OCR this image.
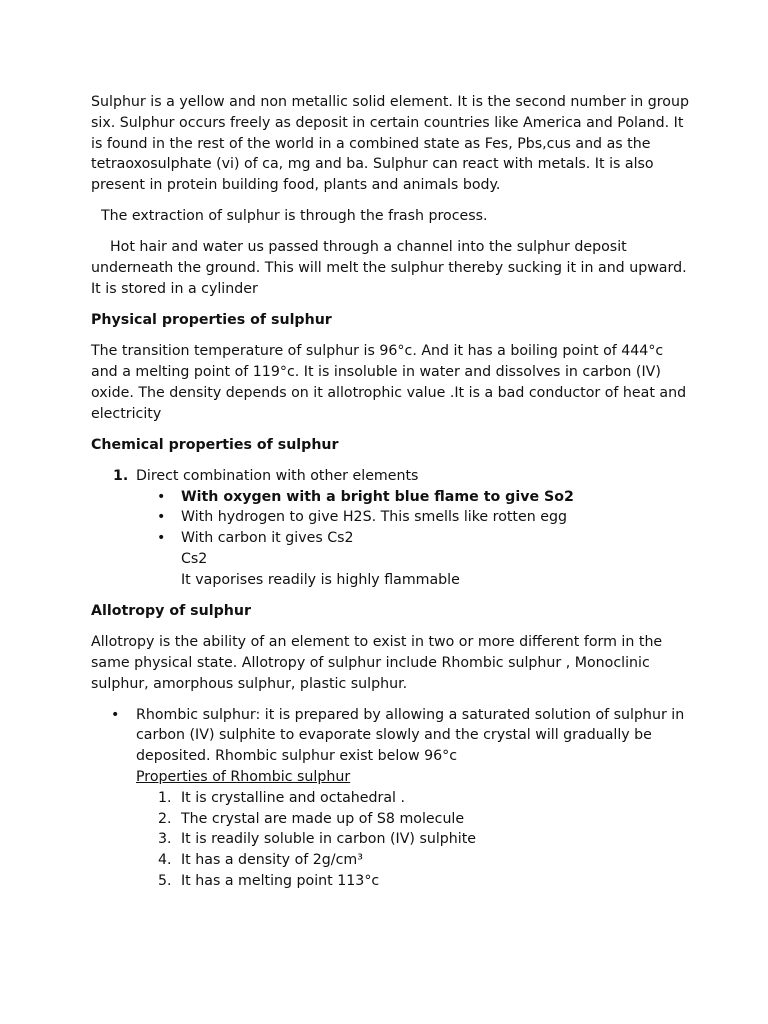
Sulphur is a yellow and non metallic solid element. It is the second number in group six. Sulphur occurs freely as deposit in certain countries like America and Poland. It is found in the rest of the world in a combined state as Fes, Pbs,cus and as the tetraoxosulphate (vi) of ca, mg and ba. Sulphur can react with metals. It is also present in protein building food, plants and animals body.

The extraction of sulphur is through the frash process.

Hot hair and water us passed through a channel into the sulphur deposit underneath the ground. This will melt the sulphur thereby sucking it in and upward. It is stored in a cylinder

Physical properties of sulphur

The transition temperature of sulphur is 96°c. And it has a boiling point of 444°c and a melting point of 119°c. It is insoluble in water and dissolves in carbon (IV) oxide. The density depends on it allotrophic value .It is a bad conductor of heat and electricity

Chemical properties of sulphur

1. Direct combination with other elements
• With oxygen with a bright blue flame to give So2
• With hydrogen to give H2S. This smells like rotten egg
• With carbon it gives Cs2
Cs2
It vaporises readily is highly flammable

Allotropy of sulphur

Allotropy is the ability of an element to exist in two or more different form in the same physical state. Allotropy of sulphur include Rhombic sulphur , Monoclinic sulphur, amorphous sulphur, plastic sulphur.

• Rhombic sulphur: it is prepared by allowing a saturated solution of sulphur in carbon (IV) sulphite to evaporate slowly and the crystal will gradually be deposited. Rhombic sulphur exist below 96°c
Properties of Rhombic sulphur
1. It is crystalline and octahedral .
2. The crystal are made up of S8 molecule
3. It is readily soluble in carbon (IV) sulphite
4. It has a density of 2g/cm³
5. It has a melting point 113°c
